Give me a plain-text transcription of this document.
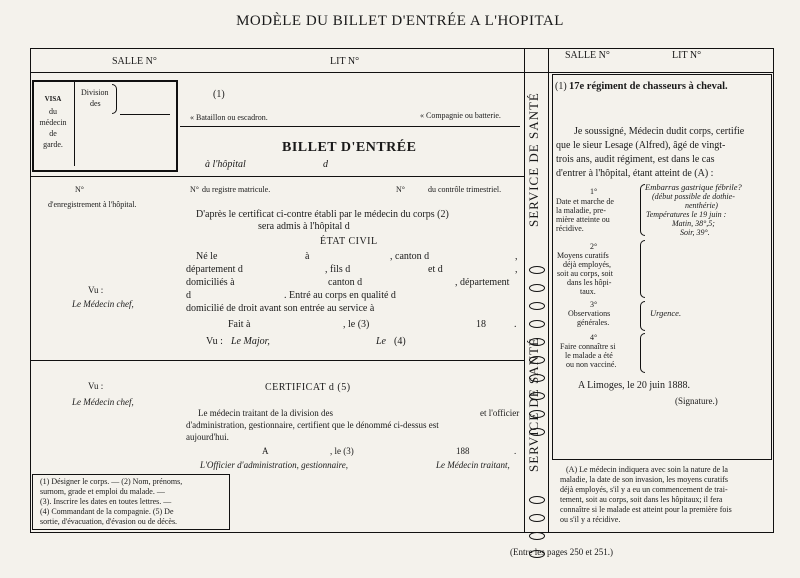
MODÈLE DU BILLET D'ENTRÉE A L'HOPITAL
SALLE N°	LIT N°
VISA
du
médecin
de
garde.
Division
des
(1)
« Bataillon ou escadron.	« Compagnie ou batterie.
BILLET D'ENTRÉE
à l'hôpital	d
N°
d'enregistrement à l'hôpital.
N° du registre matricule.	N°	du contrôle trimestriel.
D'après le certificat ci-contre établi par le médecin du corps (2)
sera admis à l'hôpital d
ÉTAT CIVIL
Né le	à	, canton d	,
département d	, fils d	et d	,
domiciliés à	canton d	, département
d	. Entré au corps en qualité d
domicilié de droit avant son entrée au service à
Vu :
Le Médecin chef,
Fait à	, le (3)	18	.
Vu : Le Major,	Le (4)
Vu :
Le Médecin chef,
CERTIFICAT d (5)
Le médecin traitant de la division des	et l'officier
d'administration, gestionnaire, certifient que le dénommé ci-dessus est
aujourd'hui.
A	, le (3)	188	.
L'Officier d'administration, gestionnaire,	Le Médecin traitant,
(1) Désigner le corps. — (2) Nom, prénoms,
surnom, grade et emploi du malade. —
(3). Inscrire les dates en toutes lettres. —
(4) Commandant de la compagnie. (5) De
sortie, d'évacuation, d'évasion ou de décès.
SERVICE DE SANTÉ
SERVICE DE SANTÉ
SALLE N°	LIT N°
(1) 17e régiment de chasseurs à cheval.
Je soussigné, Médecin dudit corps, certifie
que le sieur Lesage (Alfred), âgé de vingt-
trois ans, audit régiment, est dans le cas
d'entrer à l'hôpital, étant atteint de (A) :
1°
Date et marche de
la maladie, pre-
mière atteinte ou
récidive.
Embarras gastrique fébrile?
(début possible de dothie-
nenthérie)
Températures le 19 juin :
Matin, 38°,5;
Soir, 39°.
2°
Moyens curatifs
déjà employés,
soit au corps, soit
dans les hôpi-
taux.
3°
Observations
générales.
Urgence.
4°
Faire connaître si
le malade a été
ou non vacciné.
A Limoges, le 20 juin 1888.
(Signature.)
(A) Le médecin indiquera avec soin la nature de la
maladie, la date de son invasion, les moyens curatifs
déjà employés, s'il y a eu un commencement de trai-
tement, soit au corps, soit dans les hôpitaux; il fera
connaître si le malade est atteint pour la première fois
ou s'il y a récidive.
(Entre les pages 250 et 251.)
